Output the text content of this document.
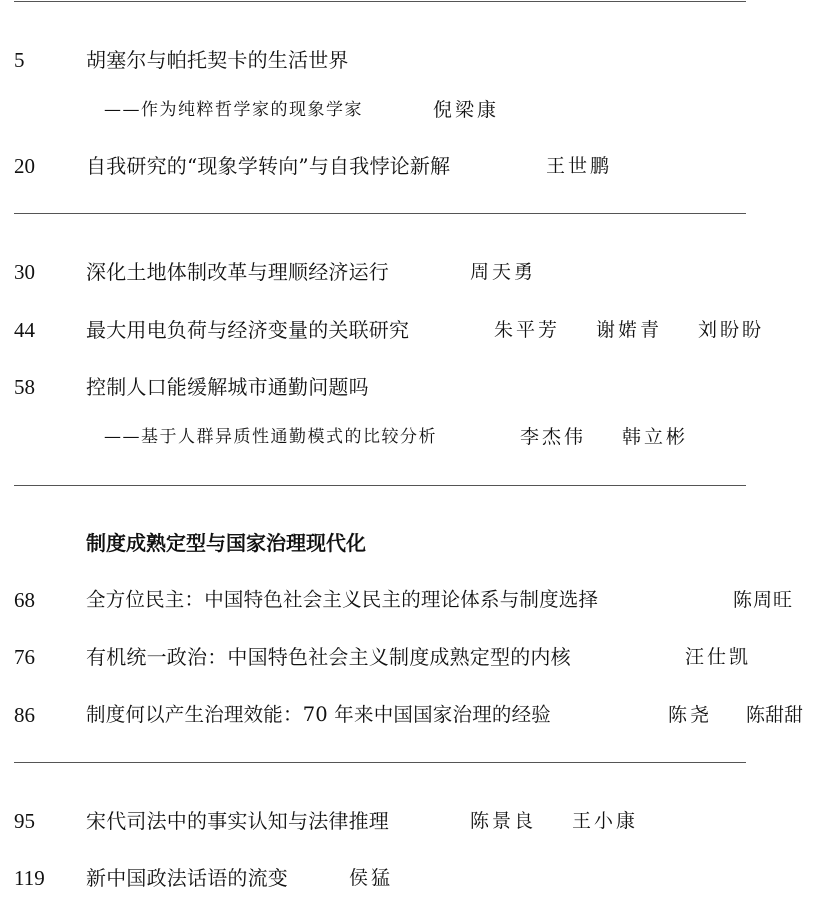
5	胡塞尔与帕托契卡的生活世界
——作为纯粹哲学家的现象学家	倪梁康
20	自我研究的“现象学转向”与自我悖论新解	王世鹏
30	深化土地体制改革与理顺经济运行	周天勇
44	最大用电负荷与经济变量的关联研究	朱平芳 谢婼青 刘盼盼
58	控制人口能缓解城市通勤问题吗
——基于人群异质性通勤模式的比较分析	李杰伟 韩立彬
制度成熟定型与国家治理现代化
68	全方位民主：中国特色社会主义民主的理论体系与制度选择	陈周旺
76	有机统一政治：中国特色社会主义制度成熟定型的内核	汪仕凯
86	制度何以产生治理效能：70 年来中国国家治理的经验	陈尧 陈甜甜
95	宋代司法中的事实认知与法律推理	陈景良 王小康
119 新中国政法话语的流变	侯猛
